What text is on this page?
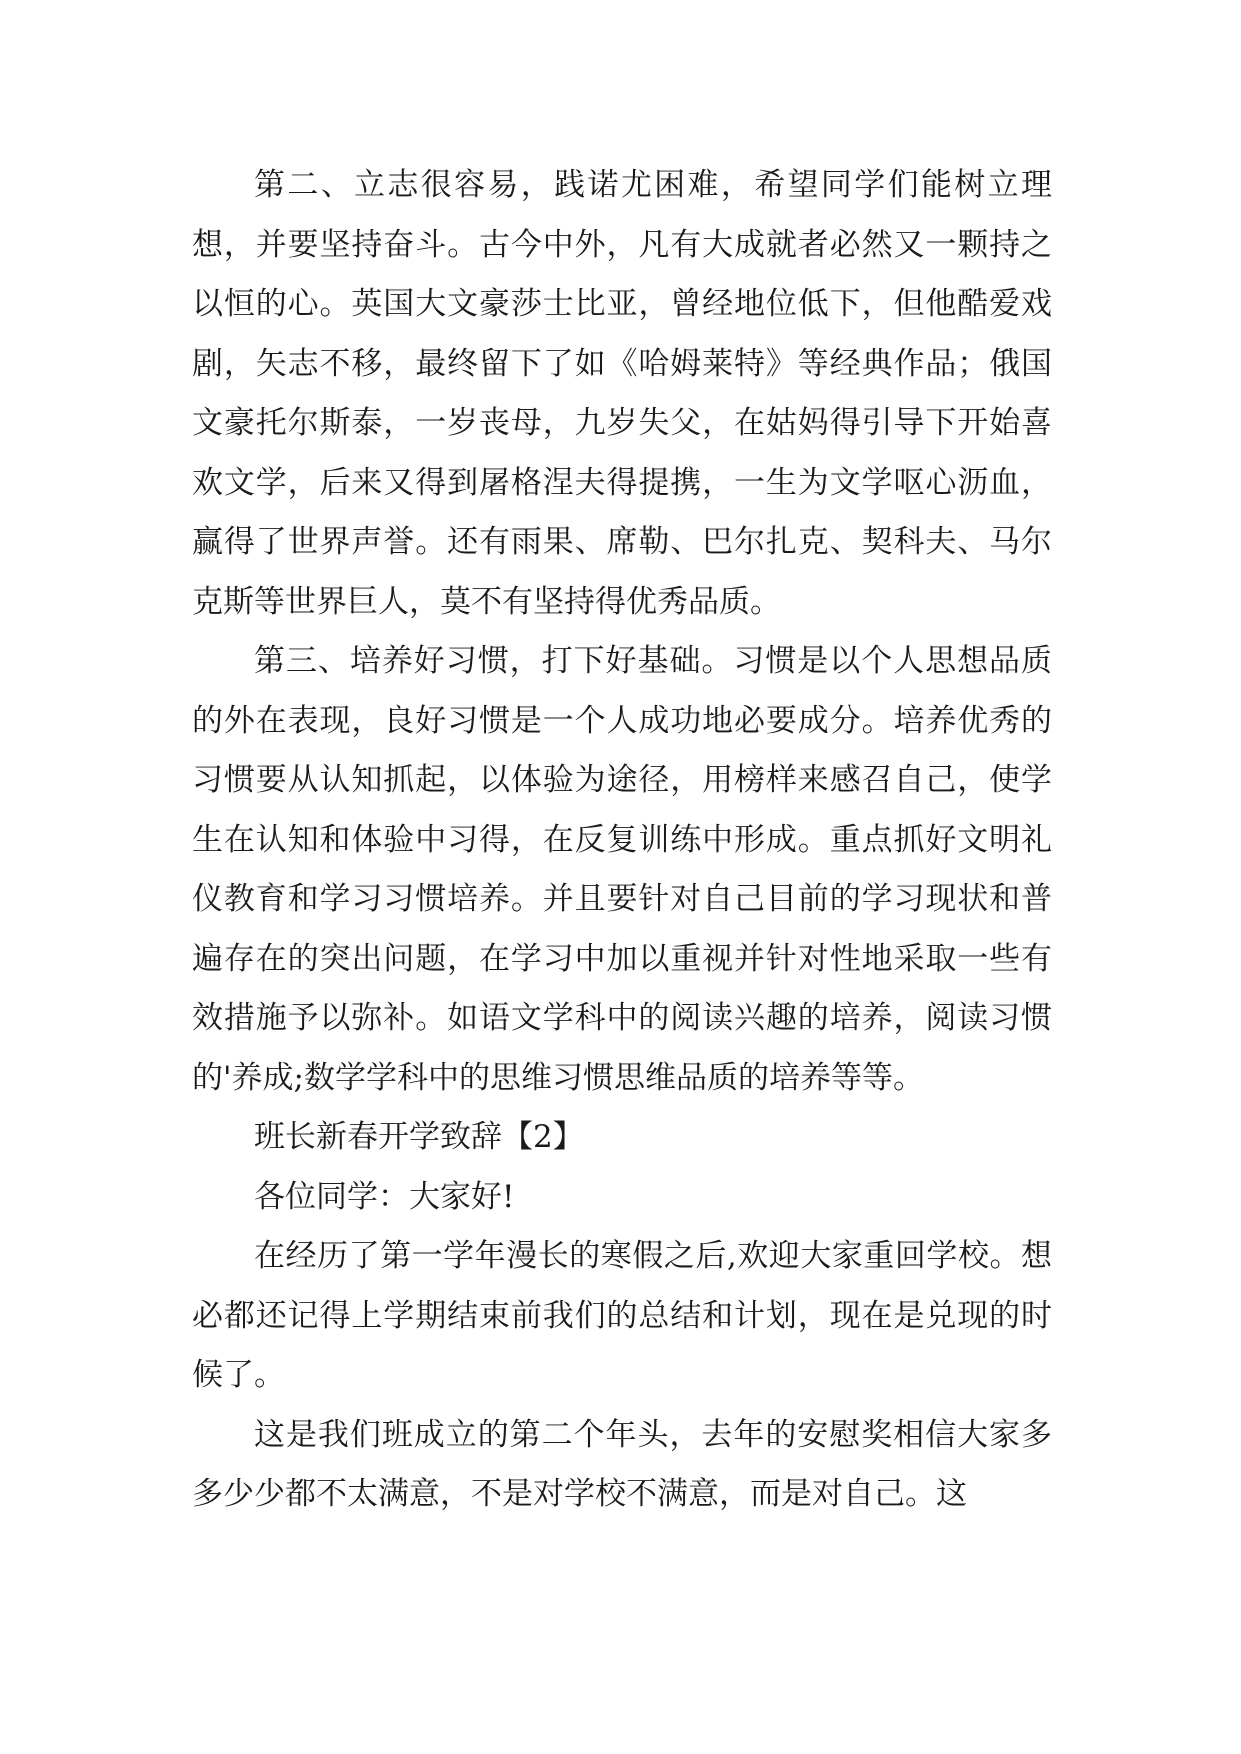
第二、立志很容易，践诺尤困难，希望同学们能树立理想，并要坚持奋斗。古今中外，凡有大成就者必然又一颗持之以恒的心。英国大文豪莎士比亚，曾经地位低下，但他酷爱戏剧，矢志不移，最终留下了如《哈姆莱特》等经典作品；俄国文豪托尔斯泰，一岁丧母，九岁失父，在姑妈得引导下开始喜欢文学，后来又得到屠格涅夫得提携，一生为文学呕心沥血，赢得了世界声誉。还有雨果、席勒、巴尔扎克、契科夫、马尔克斯等世界巨人，莫不有坚持得优秀品质。

第三、培养好习惯，打下好基础。习惯是以个人思想品质的外在表现，良好习惯是一个人成功地必要成分。培养优秀的习惯要从认知抓起，以体验为途径，用榜样来感召自己，使学生在认知和体验中习得，在反复训练中形成。重点抓好文明礼仪教育和学习习惯培养。并且要针对自己目前的学习现状和普遍存在的突出问题，在学习中加以重视并针对性地采取一些有效措施予以弥补。如语文学科中的阅读兴趣的培养，阅读习惯的'养成;数学学科中的思维习惯思维品质的培养等等。

班长新春开学致辞【2】

各位同学：大家好!

在经历了第一学年漫长的寒假之后,欢迎大家重回学校。想必都还记得上学期结束前我们的总结和计划，现在是兑现的时候了。

这是我们班成立的第二个年头，去年的安慰奖相信大家多多少少都不太满意，不是对学校不满意，而是对自己。这
